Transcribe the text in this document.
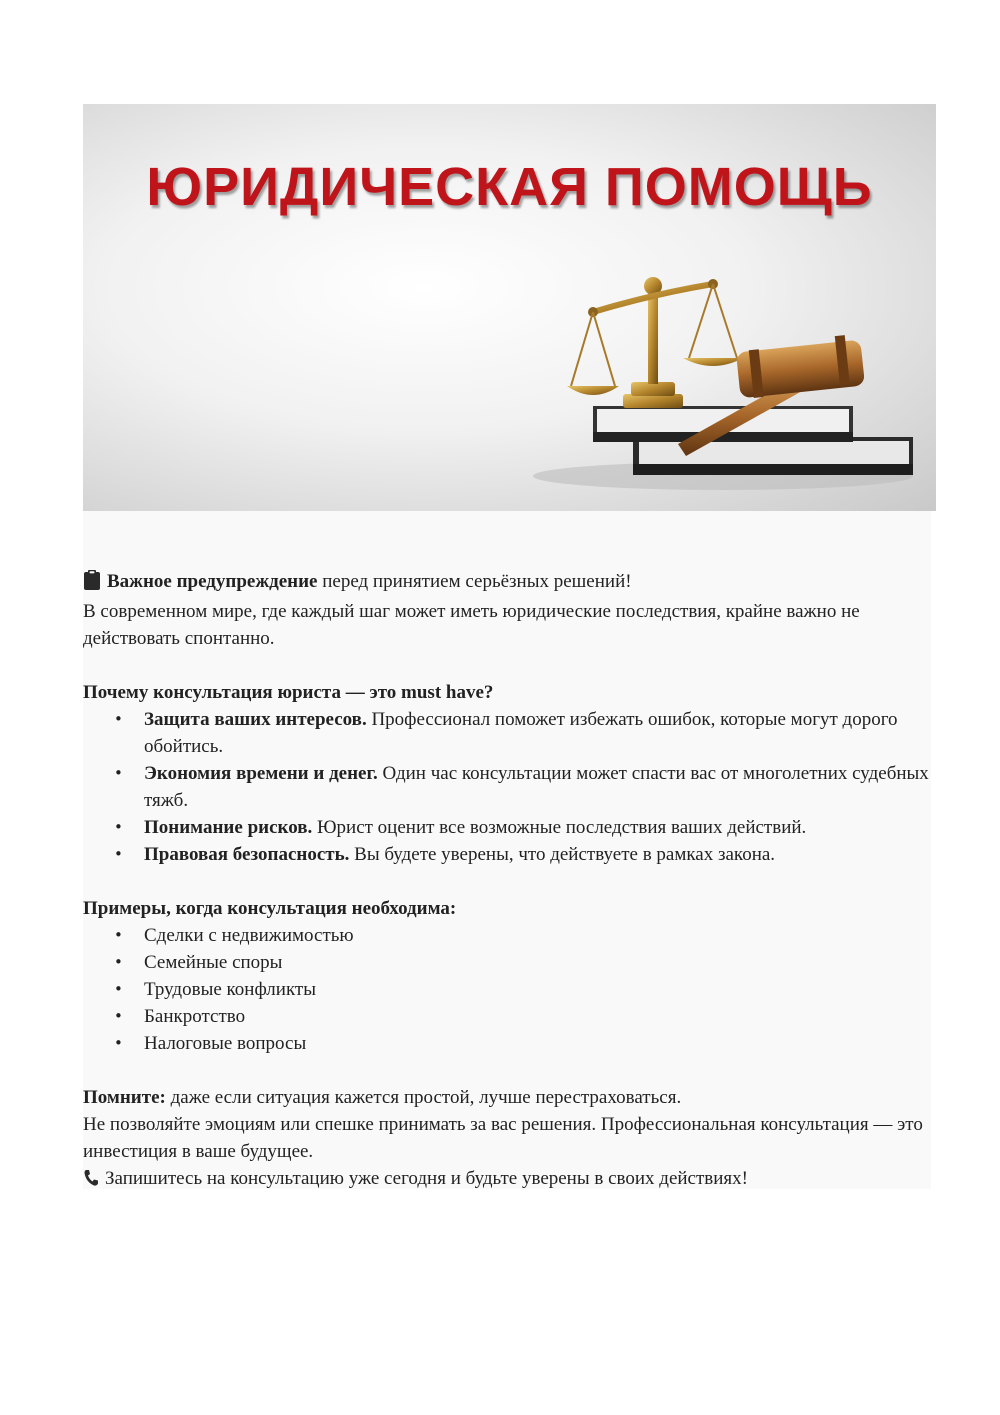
ЮРИДИЧЕСКАЯ ПОМОЩЬ

Важное предупреждение перед принятием серьёзных решений!

В современном мире, где каждый шаг может иметь юридические последствия, крайне важно не действовать спонтанно.

Почему консультация юриста — это must have?

• Защита ваших интересов. Профессионал поможет избежать ошибок, которые могут дорого обойтись.
• Экономия времени и денег. Один час консультации может спасти вас от многолетних судебных тяжб.
• Понимание рисков. Юрист оценит все возможные последствия ваших действий.
• Правовая безопасность. Вы будете уверены, что действуете в рамках закона.

Примеры, когда консультация необходима:

• Сделки с недвижимостью
• Семейные споры
• Трудовые конфликты
• Банкротство
• Налоговые вопросы

Помните: даже если ситуация кажется простой, лучше перестраховаться.

Не позволяйте эмоциям или спешке принимать за вас решения. Профессиональная консультация — это инвестиция в ваше будущее.

Запишитесь на консультацию уже сегодня и будьте уверены в своих действиях!
